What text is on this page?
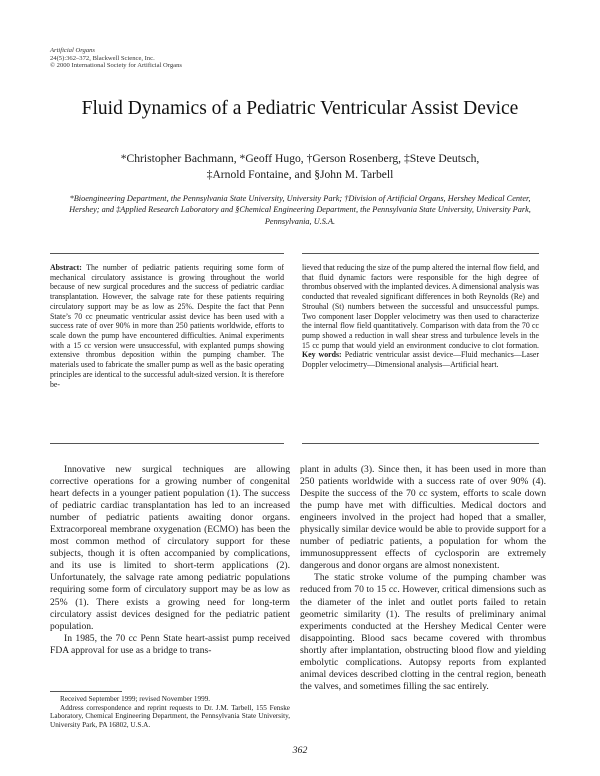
Artificial Organs
24(5):362–372, Blackwell Science, Inc.
© 2000 International Society for Artificial Organs
Fluid Dynamics of a Pediatric Ventricular Assist Device
*Christopher Bachmann, *Geoff Hugo, †Gerson Rosenberg, ‡Steve Deutsch,
‡Arnold Fontaine, and §John M. Tarbell
*Bioengineering Department, the Pennsylvania State University, University Park; †Division of Artificial Organs, Hershey Medical Center, Hershey; and ‡Applied Research Laboratory and §Chemical Engineering Department, the Pennsylvania State University, University Park, Pennsylvania, U.S.A.
Abstract: The number of pediatric patients requiring some form of mechanical circulatory assistance is growing throughout the world because of new surgical procedures and the success of pediatric cardiac transplantation. However, the salvage rate for these patients requiring circulatory support may be as low as 25%. Despite the fact that Penn State’s 70 cc pneumatic ventricular assist device has been used with a success rate of over 90% in more than 250 patients worldwide, efforts to scale down the pump have encountered difficulties. Animal experiments with a 15 cc version were unsuccessful, with explanted pumps showing extensive thrombus deposition within the pumping chamber. The materials used to fabricate the smaller pump as well as the basic operating principles are identical to the successful adult-sized version. It is therefore be-
lieved that reducing the size of the pump altered the internal flow field, and that fluid dynamic factors were responsible for the high degree of thrombus observed with the implanted devices. A dimensional analysis was conducted that revealed significant differences in both Reynolds (Re) and Strouhal (St) numbers between the successful and unsuccessful pumps. Two component laser Doppler velocimetry was then used to characterize the internal flow field quantitatively. Comparison with data from the 70 cc pump showed a reduction in wall shear stress and turbulence levels in the 15 cc pump that would yield an environment conducive to clot formation. Key words: Pediatric ventricular assist device—Fluid mechanics—Laser Doppler velocimetry—Dimensional analysis—Artificial heart.

Innovative new surgical techniques are allowing corrective operations for a growing number of congenital heart defects in a younger patient population (1). The success of pediatric cardiac transplantation has led to an increased number of pediatric patients awaiting donor organs. Extracorporeal membrane oxygenation (ECMO) has been the most common method of circulatory support for these subjects, though it is often accompanied by complications, and its use is limited to short-term applications (2). Unfortunately, the salvage rate among pediatric populations requiring some form of circulatory support may be as low as 25% (1). There exists a growing need for long-term circulatory assist devices designed for the pediatric patient population.

In 1985, the 70 cc Penn State heart-assist pump received FDA approval for use as a bridge to trans-

plant in adults (3). Since then, it has been used in more than 250 patients worldwide with a success rate of over 90% (4). Despite the success of the 70 cc system, efforts to scale down the pump have met with difficulties. Medical doctors and engineers involved in the project had hoped that a smaller, physically similar device would be able to provide support for a number of pediatric patients, a population for whom the immunosuppressent effects of cyclosporin are extremely dangerous and donor organs are almost nonexistent.

The static stroke volume of the pumping chamber was reduced from 70 to 15 cc. However, critical dimensions such as the diameter of the inlet and outlet ports failed to retain geometric similarity (1). The results of preliminary animal experiments conducted at the Hershey Medical Center were disappointing. Blood sacs became covered with thrombus shortly after implantation, obstructing blood flow and yielding embolytic complications. Autopsy reports from explanted animal devices described clotting in the central region, beneath the valves, and sometimes filling the sac entirely.

Received September 1999; revised November 1999.

Address correspondence and reprint requests to Dr. J.M. Tarbell, 155 Fenske Laboratory, Chemical Engineering Department, the Pennsylvania State University, University Park, PA 16802, U.S.A.

362
